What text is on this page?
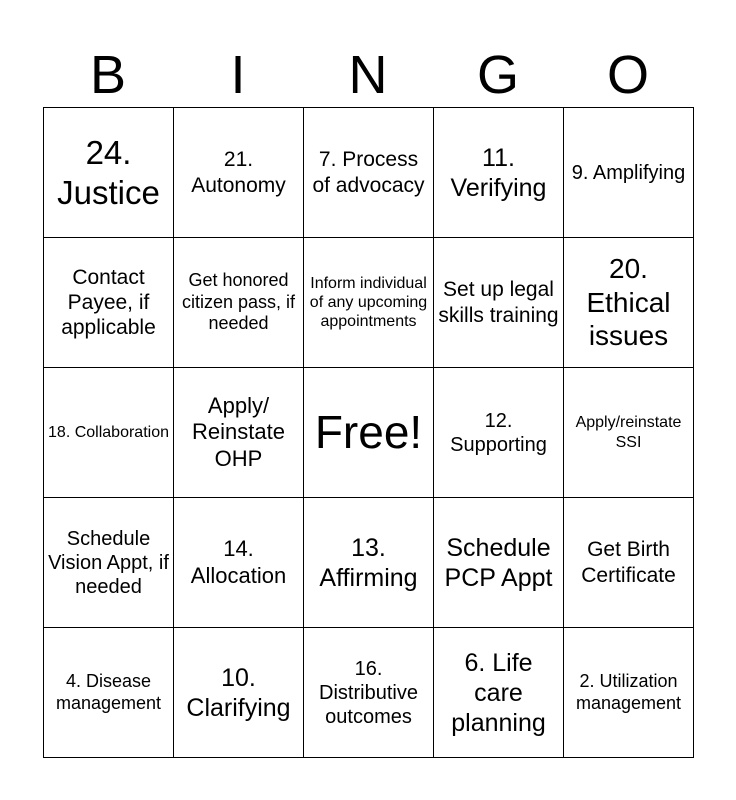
B	I	N	G	O
24. Justice	21. Autonomy	7. Process of advocacy	11. Verifying	9. Amplifying
Contact Payee, if applicable	Get honored citizen pass, if needed	Inform individual of any upcoming appointments	Set up legal skills training	20. Ethical issues
18. Collaboration	Apply/ Reinstate OHP	Free!	12. Supporting	Apply/reinstate SSI
Schedule Vision Appt, if needed	14. Allocation	13. Affirming	Schedule PCP Appt	Get Birth Certificate
4. Disease management	10. Clarifying	16. Distributive outcomes	6. Life care planning	2. Utilization management
